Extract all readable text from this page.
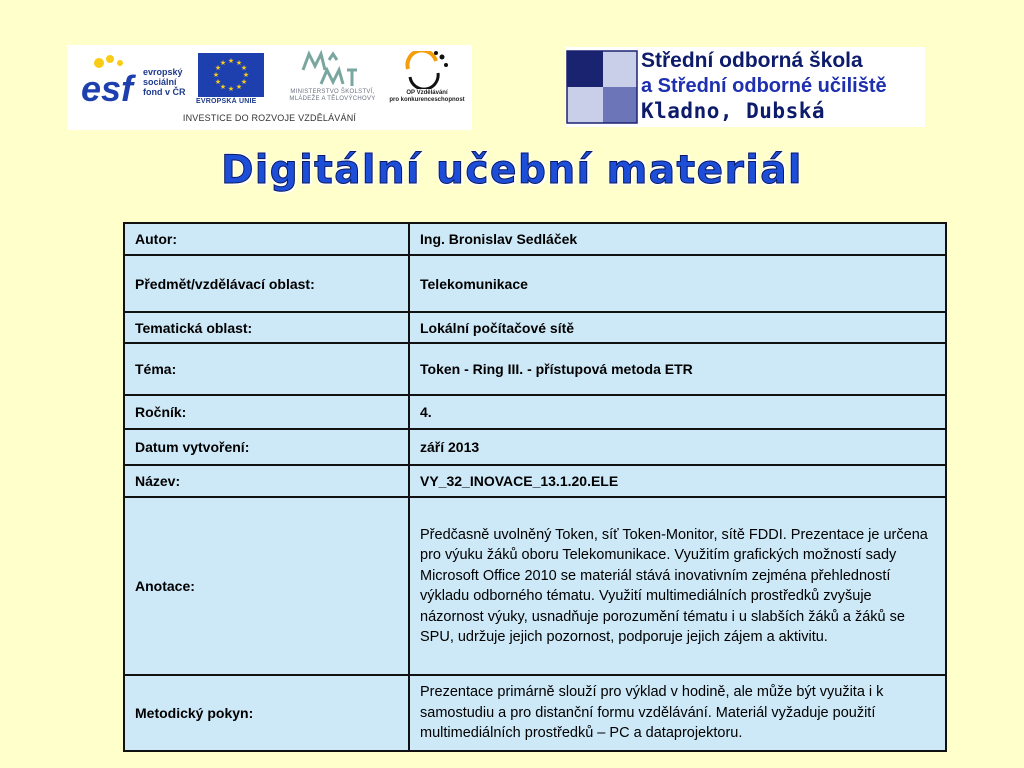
esf	evropský
sociální
fond v ČR
★ ★
★
★
★
★
★
★
★
★
★
★
EVROPSKÁ UNIE
MINISTERSTVO ŠKOLSTVÍ,
MLÁDEŽE A TĚLOVÝCHOVY
OP Vzdělávání
pro konkurenceschopnost
INVESTICE DO ROZVOJE VZDĚLÁVÁNÍ
Střední odborná škola
a Střední odborné učiliště
Kladno, Dubská
Digitální učební materiál
Autor:	Ing. Bronislav Sedláček
Předmět/vzdělávací oblast:	Telekomunikace
Tematická oblast:	Lokální počítačové sítě
Téma:	Token - Ring III. - přístupová metoda ETR
Ročník:	4.
Datum vytvoření:	září 2013
Název:	VY_32_INOVACE_13.1.20.ELE
Anotace:	Předčasně uvolněný Token, síť Token-Monitor, sítě FDDI. Prezentace je určena pro výuku žáků oboru Telekomunikace. Využitím grafických možností sady Microsoft Office 2010 se materiál stává inovativním zejména přehledností výkladu odborného tématu. Využití multimediálních prostředků zvyšuje názornost výuky, usnadňuje porozumění tématu i u slabších žáků a žáků se SPU, udržuje jejich pozornost, podporuje jejich zájem a aktivitu.
Metodický pokyn:	Prezentace primárně slouží pro výklad v hodině, ale může být využita i k samostudiu a pro distanční formu vzdělávání. Materiál vyžaduje použití multimediálních prostředků – PC a dataprojektoru.
